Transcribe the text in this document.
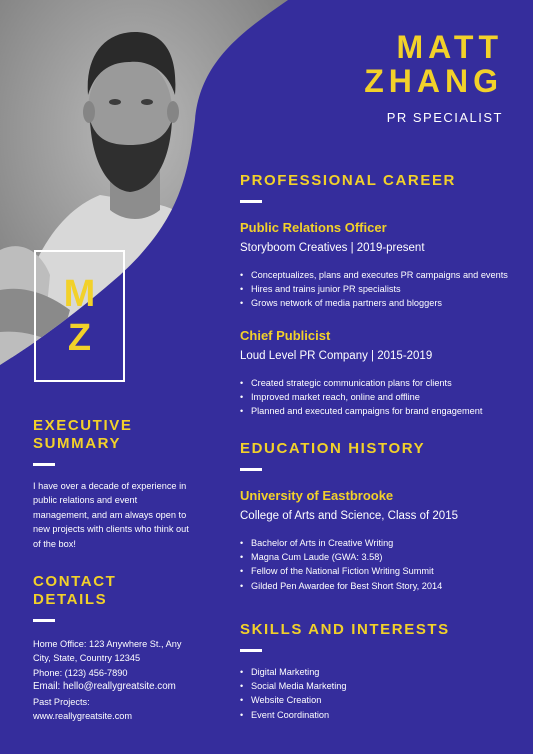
MATT
ZHANG
PR SPECIALIST
M
Z
EXECUTIVE
SUMMARY

I have over a decade of experience in public relations and event management, and am always open to new projects with clients who think out of the box!

CONTACT
DETAILS

Home Office: 123 Anywhere St., Any City, State, Country 12345

Phone: (123) 456-7890

Email: hello@reallygreatsite.com

Past Projects:

www.reallygreatsite.com

PROFESSIONAL CAREER
Public Relations Officer
Storyboom Creatives | 2019-present
• Conceptualizes, plans and executes PR campaigns and events
• Hires and trains junior PR specialists
• Grows network of media partners and bloggers
Chief Publicist
Loud Level PR Company | 2015-2019
• Created strategic communication plans for clients
• Improved market reach, online and offline
• Planned and executed campaigns for brand engagement
EDUCATION HISTORY
University of Eastbrooke
College of Arts and Science, Class of 2015
• Bachelor of Arts in Creative Writing
• Magna Cum Laude (GWA: 3.58)
• Fellow of the National Fiction Writing Summit
• Gilded Pen Awardee for Best Short Story, 2014
SKILLS AND INTERESTS
• Digital Marketing
• Social Media Marketing
• Website Creation
• Event Coordination
